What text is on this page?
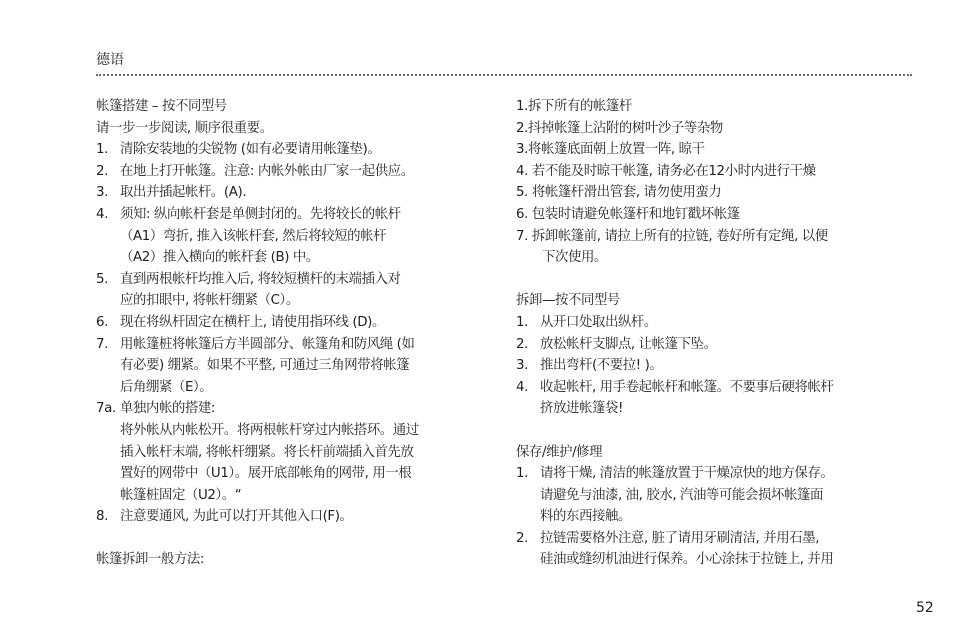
德语
帐篷搭建 – 按不同型号
请一步一步阅读, 顺序很重要。
1. 清除安装地的尖锐物 (如有必要请用帐篷垫)。
2. 在地上打开帐篷。注意: 内帐外帐由厂家一起供应。
3. 取出并插起帐杆。(A).
4. 须知: 纵向帐杆套是单侧封闭的。先将较长的帐杆
（A1）弯折, 推入该帐杆套, 然后将较短的帐杆
（A2）推入横向的帐杆套 (B) 中。
5. 直到两根帐杆均推入后, 将较短横杆的末端插入对
应的扣眼中, 将帐杆绷紧（C）。
6. 现在将纵杆固定在横杆上, 请使用指环线 (D)。
7. 用帐篷桩将帐篷后方半圆部分、帐篷角和防风绳 (如
有必要) 绷紧。如果不平整, 可通过三角网带将帐篷
后角绷紧（E）。
7a. 单独内帐的搭建:
将外帐从内帐松开。将两根帐杆穿过内帐搭环。通过
插入帐杆末端, 将帐杆绷紧。将长杆前端插入首先放
置好的网带中（U1）。展开底部帐角的网带, 用一根
帐篷桩固定（U2）。“
8. 注意要通风, 为此可以打开其他入口(F)。
帐篷拆卸一般方法:
1.拆下所有的帐篷杆
2.抖掉帐篷上沾附的树叶沙子等杂物
3.将帐篷底面朝上放置一阵, 晾干
4. 若不能及时晾干帐篷, 请务必在12小时内进行干燥
5. 将帐篷杆滑出管套, 请勿使用蛮力
6. 包装时请避免帐篷杆和地钉戳坏帐篷
7. 拆卸帐篷前, 请拉上所有的拉链, 卷好所有定绳, 以便
下次使用。
拆卸—按不同型号
1. 从开口处取出纵杆。
2. 放松帐杆支脚点, 让帐篷下坠。
3. 推出弯杆(不要拉! )。
4. 收起帐杆, 用手卷起帐杆和帐篷。不要事后硬将帐杆
挤放进帐篷袋!
保存/维护/修理
1. 请将干燥, 清洁的帐篷放置于干燥凉快的地方保存。
请避免与油漆, 油, 胶水, 汽油等可能会损坏帐篷面
料的东西接触。
2. 拉链需要格外注意, 脏了请用牙刷清洁, 并用石墨,
硅油或缝纫机油进行保养。小心涂抹于拉链上, 并用
52
